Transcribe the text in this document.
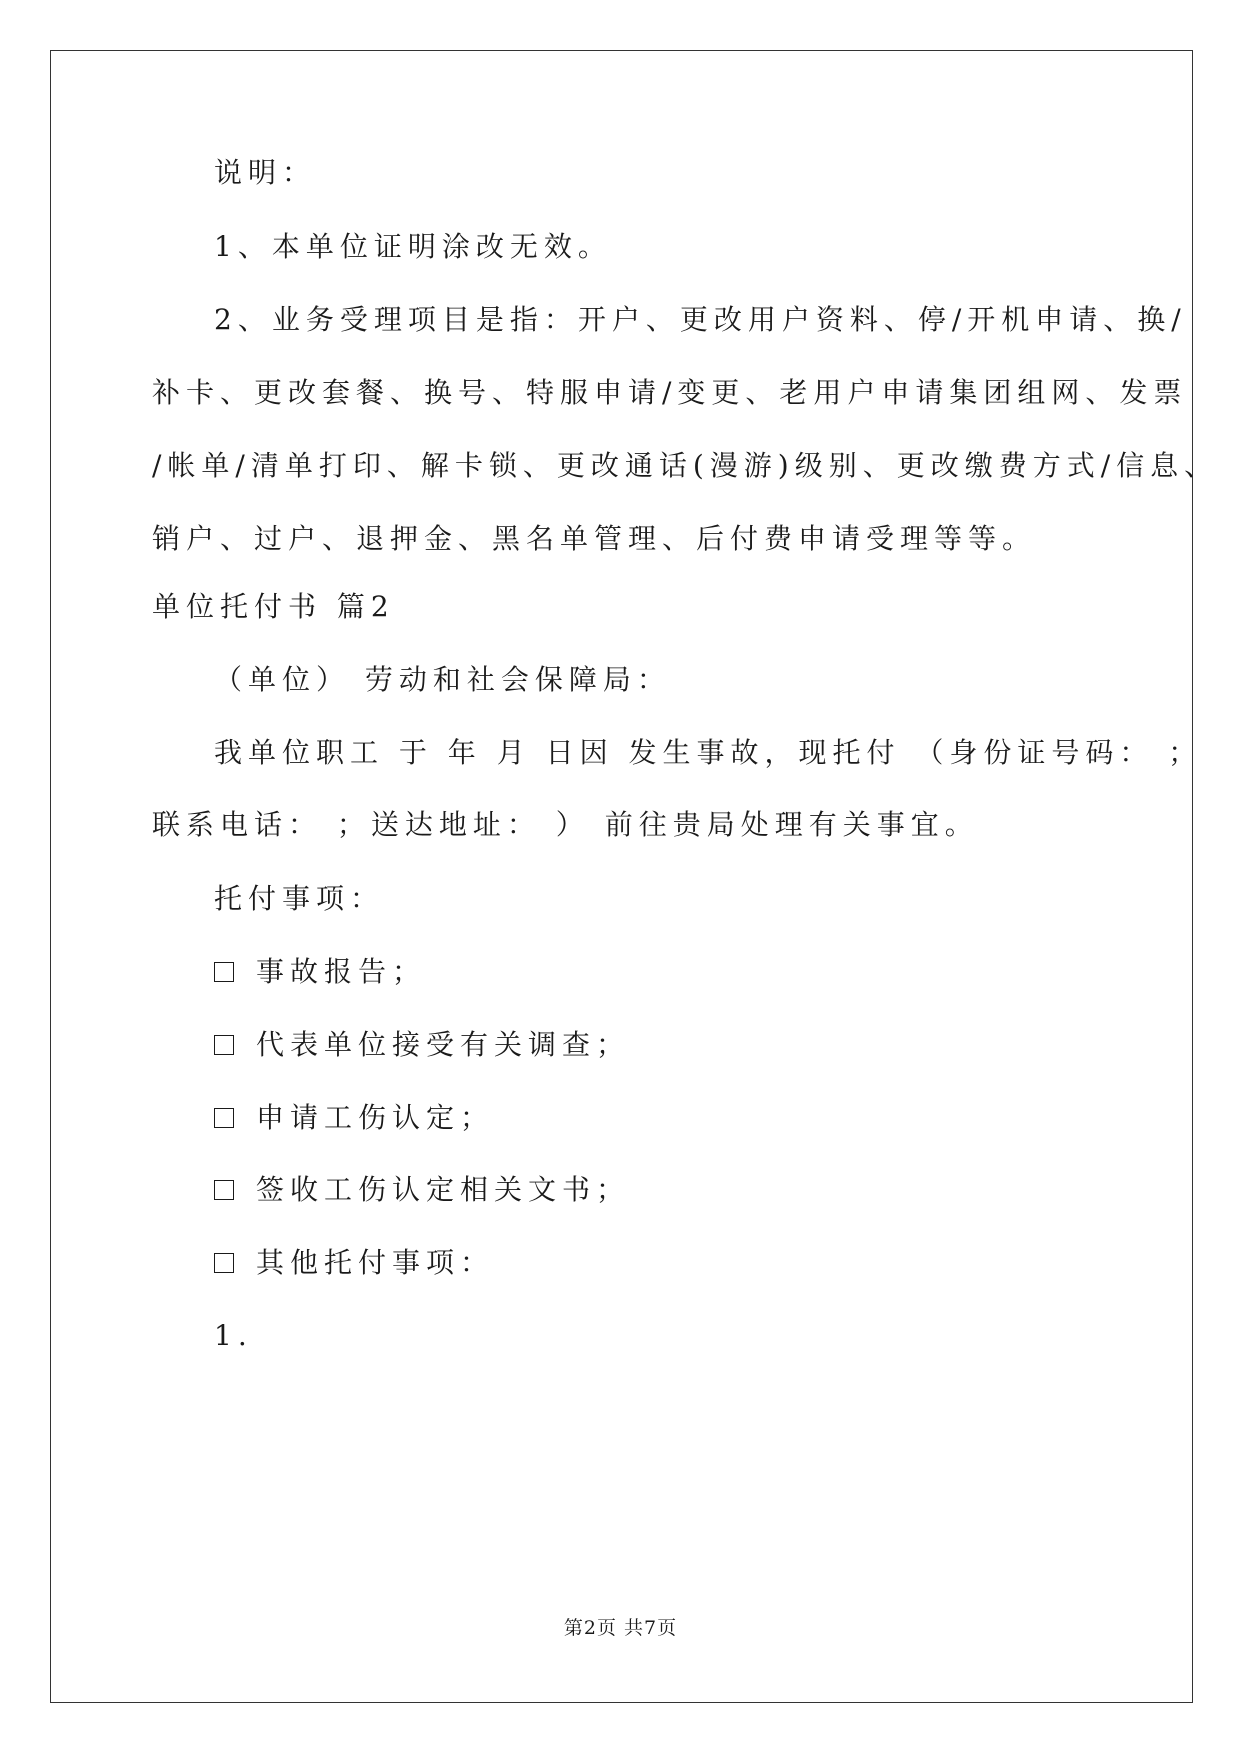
说明：
1、本单位证明涂改无效。
2、业务受理项目是指：开户、更改用户资料、停/开机申请、换/
补卡、更改套餐、换号、特服申请/变更、老用户申请集团组网、发票
/帐单/清单打印、解卡锁、更改通话(漫游)级别、更改缴费方式/信息、
销户、过户、退押金、黑名单管理、后付费申请受理等等。
单位托付书 篇2
（单位） 劳动和社会保障局：
我单位职工 于 年 月 日因 发生事故，现托付 （身份证号码： ；
联系电话： ；送达地址： ） 前往贵局处理有关事宜。
托付事项：
事故报告；
代表单位接受有关调查；
申请工伤认定；
签收工伤认定相关文书；
其他托付事项：
1.
第2页 共7页
